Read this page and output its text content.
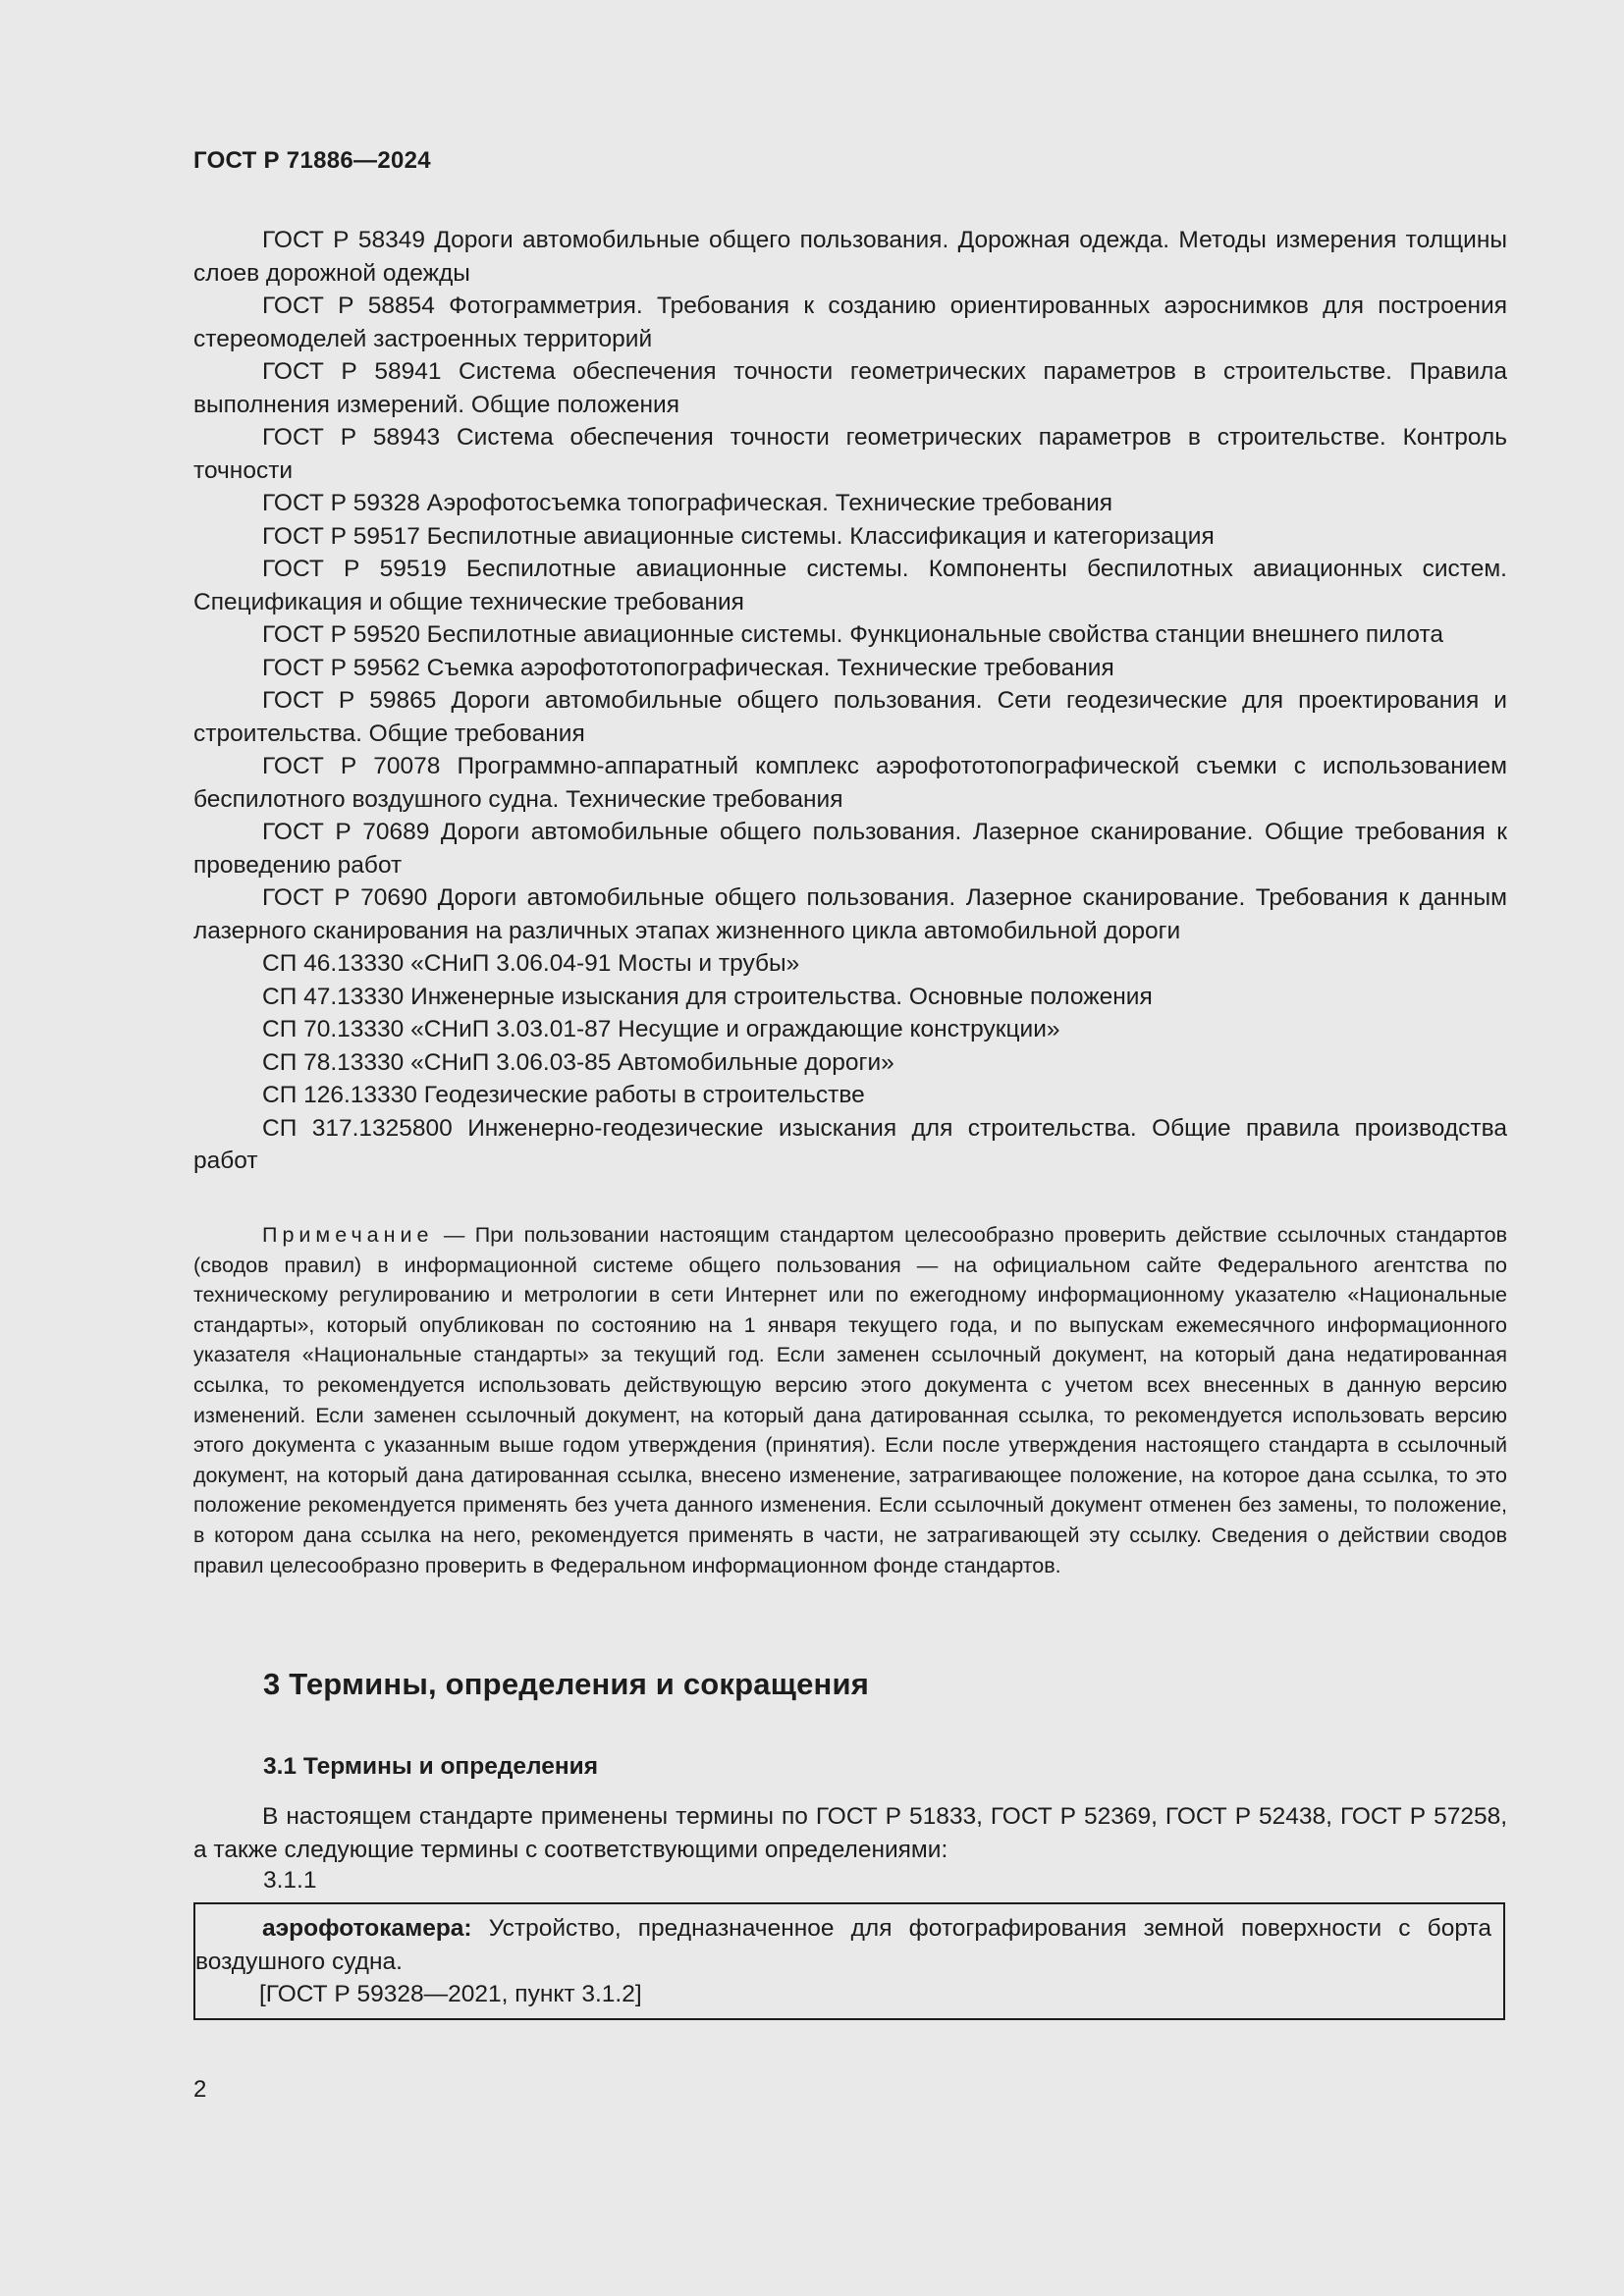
ГОСТ Р 71886—2024

ГОСТ Р 58349 Дороги автомобильные общего пользования. Дорожная одежда. Методы измерения толщины слоев дорожной одежды

ГОСТ Р 58854 Фотограмметрия. Требования к созданию ориентированных аэроснимков для построения стереомоделей застроенных территорий

ГОСТ Р 58941 Система обеспечения точности геометрических параметров в строительстве. Правила выполнения измерений. Общие положения

ГОСТ Р 58943 Система обеспечения точности геометрических параметров в строительстве. Контроль точности

ГОСТ Р 59328 Аэрофотосъемка топографическая. Технические требования

ГОСТ Р 59517 Беспилотные авиационные системы. Классификация и категоризация

ГОСТ Р 59519 Беспилотные авиационные системы. Компоненты беспилотных авиационных систем. Спецификация и общие технические требования

ГОСТ Р 59520 Беспилотные авиационные системы. Функциональные свойства станции внешнего пилота

ГОСТ Р 59562 Съемка аэрофототопографическая. Технические требования

ГОСТ Р 59865 Дороги автомобильные общего пользования. Сети геодезические для проектирования и строительства. Общие требования

ГОСТ Р 70078 Программно-аппаратный комплекс аэрофототопографической съемки с использованием беспилотного воздушного судна. Технические требования

ГОСТ Р 70689 Дороги автомобильные общего пользования. Лазерное сканирование. Общие требования к проведению работ

ГОСТ Р 70690 Дороги автомобильные общего пользования. Лазерное сканирование. Требования к данным лазерного сканирования на различных этапах жизненного цикла автомобильной дороги

СП 46.13330 «СНиП 3.06.04-91 Мосты и трубы»

СП 47.13330 Инженерные изыскания для строительства. Основные положения

СП 70.13330 «СНиП 3.03.01-87 Несущие и ограждающие конструкции»

СП 78.13330 «СНиП 3.06.03-85 Автомобильные дороги»

СП 126.13330 Геодезические работы в строительстве

СП 317.1325800 Инженерно-геодезические изыскания для строительства. Общие правила производства работ

Примечание — При пользовании настоящим стандартом целесообразно проверить действие ссылочных стандартов (сводов правил) в информационной системе общего пользования — на официальном сайте Федерального агентства по техническому регулированию и метрологии в сети Интернет или по ежегодному информационному указателю «Национальные стандарты», который опубликован по состоянию на 1 января текущего года, и по выпускам ежемесячного информационного указателя «Национальные стандарты» за текущий год. Если заменен ссылочный документ, на который дана недатированная ссылка, то рекомендуется использовать действующую версию этого документа с учетом всех внесенных в данную версию изменений. Если заменен ссылочный документ, на который дана датированная ссылка, то рекомендуется использовать версию этого документа с указанным выше годом утверждения (принятия). Если после утверждения настоящего стандарта в ссылочный документ, на который дана датированная ссылка, внесено изменение, затрагивающее положение, на которое дана ссылка, то это положение рекомендуется применять без учета данного изменения. Если ссылочный документ отменен без замены, то положение, в котором дана ссылка на него, рекомендуется применять в части, не затрагивающей эту ссылку. Сведения о действии сводов правил целесообразно проверить в Федеральном информационном фонде стандартов.

3 Термины, определения и сокращения
3.1 Термины и определения

В настоящем стандарте применены термины по ГОСТ Р 51833, ГОСТ Р 52369, ГОСТ Р 52438, ГОСТ Р 57258, а также следующие термины с соответствующими определениями:

3.1.1

аэрофотокамера: Устройство, предназначенное для фотографирования земной поверхности с борта воздушного судна.

[ГОСТ Р 59328—2021, пункт 3.1.2]

2
